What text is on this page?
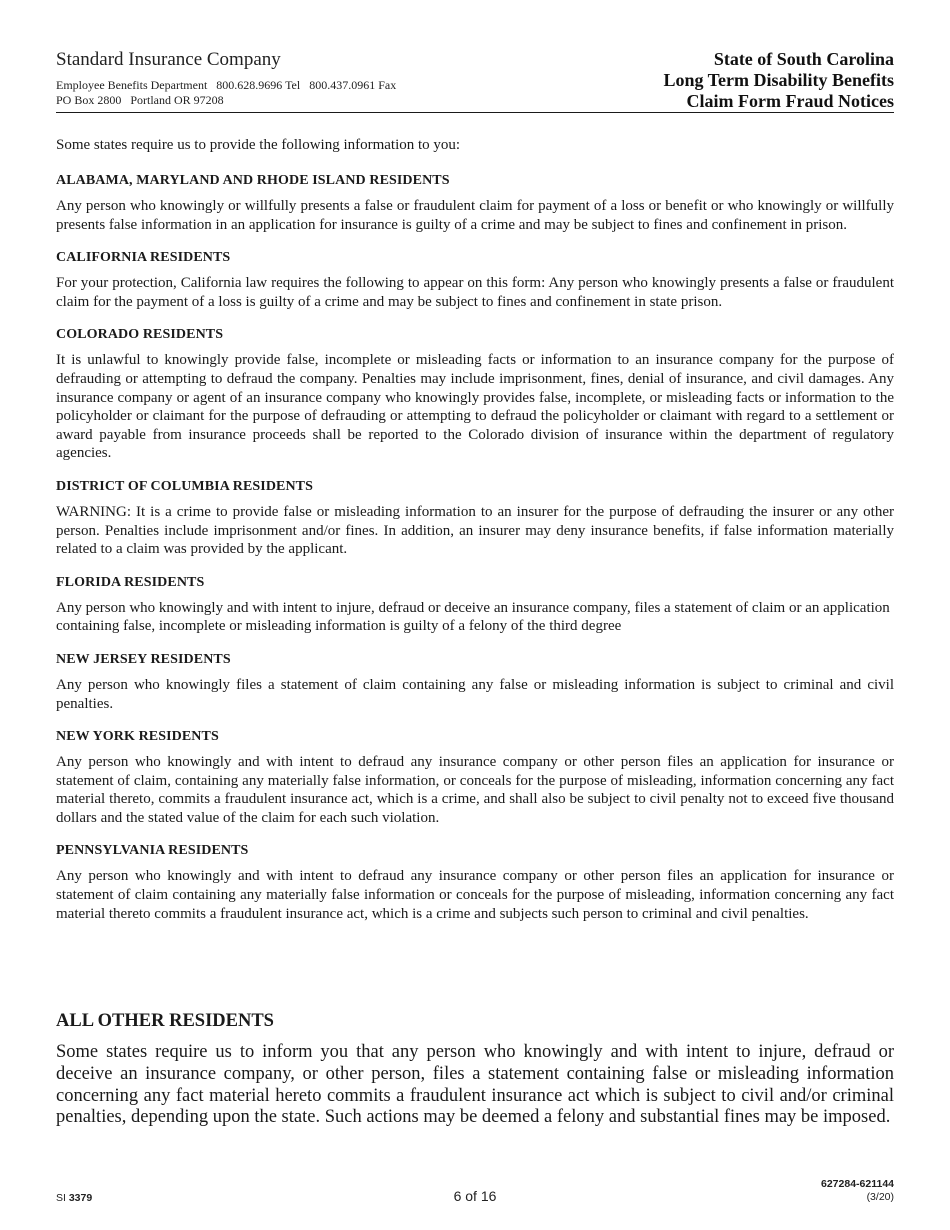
Standard Insurance Company
Employee Benefits Department   800.628.9696 Tel   800.437.0961 Fax
PO Box 2800   Portland OR 97208
State of South Carolina
Long Term Disability Benefits
Claim Form Fraud Notices

Some states require us to provide the following information to you:

ALABAMA, MARYLAND AND RHODE ISLAND RESIDENTS

Any person who knowingly or willfully presents a false or fraudulent claim for payment of a loss or benefit or who knowingly or willfully presents false information in an application for insurance is guilty of a crime and may be subject to fines and confinement in prison.

CALIFORNIA RESIDENTS

For your protection, California law requires the following to appear on this form: Any person who knowingly presents a false or fraudulent claim for the payment of a loss is guilty of a crime and may be subject to fines and confinement in state prison.

COLORADO RESIDENTS

It is unlawful to knowingly provide false, incomplete or misleading facts or information to an insurance company for the purpose of defrauding or attempting to defraud the company. Penalties may include imprisonment, fines, denial of insurance, and civil damages. Any insurance company or agent of an insurance company who knowingly provides false, incomplete, or misleading facts or information to the policyholder or claimant for the purpose of defrauding or attempting to defraud the policyholder or claimant with regard to a settlement or award payable from insurance proceeds shall be reported to the Colorado division of insurance within the department of regulatory agencies.

DISTRICT OF COLUMBIA RESIDENTS

WARNING: It is a crime to provide false or misleading information to an insurer for the purpose of defrauding the insurer or any other person. Penalties include imprisonment and/or fines. In addition, an insurer may deny insurance benefits, if false information materially related to a claim was provided by the applicant.

FLORIDA RESIDENTS

Any person who knowingly and with intent to injure, defraud or deceive an insurance company, files a statement of claim or an application containing false, incomplete or misleading information is guilty of a felony of the third degree

NEW JERSEY RESIDENTS

Any person who knowingly files a statement of claim containing any false or misleading information is subject to criminal and civil penalties.

NEW YORK RESIDENTS

Any person who knowingly and with intent to defraud any insurance company or other person files an application for insurance or statement of claim, containing any materially false information, or conceals for the purpose of misleading, information concerning any fact material thereto, commits a fraudulent insurance act, which is a crime, and shall also be subject to civil penalty not to exceed five thousand dollars and the stated value of the claim for each such violation.

PENNSYLVANIA RESIDENTS

Any person who knowingly and with intent to defraud any insurance company or other person files an application for insurance or statement of claim containing any materially false information or conceals for the purpose of misleading, information concerning any fact material thereto commits a fraudulent insurance act, which is a crime and subjects such person to criminal and civil penalties.

ALL OTHER RESIDENTS

Some states require us to inform you that any person who knowingly and with intent to injure, defraud or deceive an insurance company, or other person, files a statement containing false or misleading information concerning any fact material hereto commits a fraudulent insurance act which is subject to civil and/or criminal penalties, depending upon the state. Such actions may be deemed a felony and substantial fines may be imposed.

SI 3379	6 of 16
627284-621144
(3/20)
